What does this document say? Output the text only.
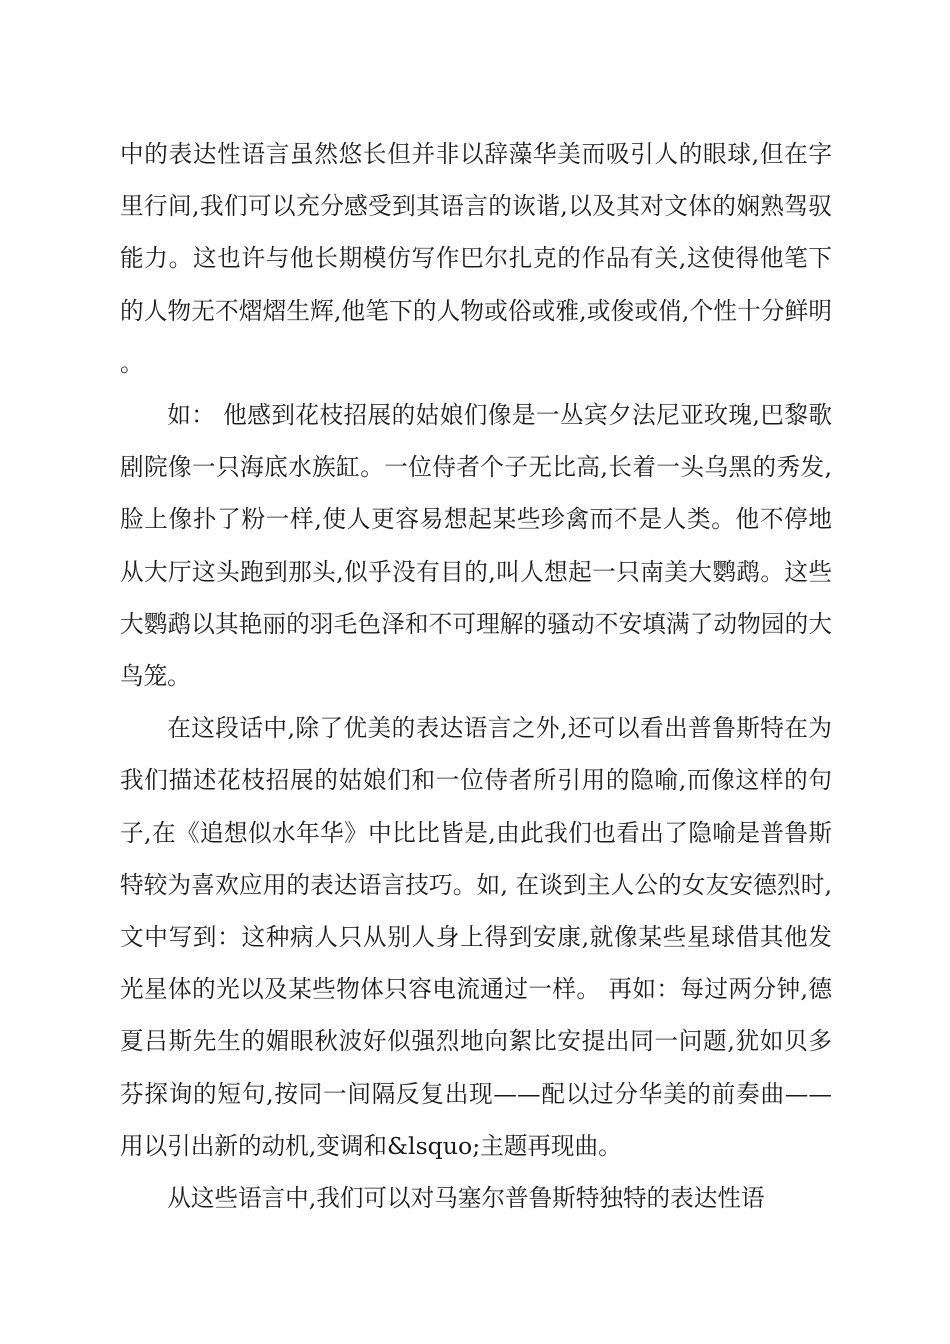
中的表达性语言虽然悠长但并非以辞藻华美而吸引人的眼球,但在字里行间,我们可以充分感受到其语言的诙谐,以及其对文体的娴熟驾驭能力。这也许与他长期模仿写作巴尔扎克的作品有关,这使得他笔下的人物无不熠熠生辉,他笔下的人物或俗或雅,或俊或俏,个性十分鲜明。

如： 他感到花枝招展的姑娘们像是一丛宾夕法尼亚玫瑰,巴黎歌剧院像一只海底水族缸。一位侍者个子无比高,长着一头乌黑的秀发,脸上像扑了粉一样,使人更容易想起某些珍禽而不是人类。他不停地从大厅这头跑到那头,似乎没有目的,叫人想起一只南美大鹦鹉。这些大鹦鹉以其艳丽的羽毛色泽和不可理解的骚动不安填满了动物园的大鸟笼。

在这段话中,除了优美的表达语言之外,还可以看出普鲁斯特在为我们描述花枝招展的姑娘们和一位侍者所引用的隐喻,而像这样的句子,在《追想似水年华》中比比皆是,由此我们也看出了隐喻是普鲁斯特较为喜欢应用的表达语言技巧。如, 在谈到主人公的女友安德烈时,文中写到：这种病人只从别人身上得到安康,就像某些星球借其他发光星体的光以及某些物体只容电流通过一样。 再如：每过两分钟,德夏吕斯先生的媚眼秋波好似强烈地向絮比安提出同一问题,犹如贝多芬探询的短句,按同一间隔反复出现——配以过分华美的前奏曲——用以引出新的动机,变调和&lsquo;主题再现曲。

从这些语言中,我们可以对马塞尔普鲁斯特独特的表达性语
